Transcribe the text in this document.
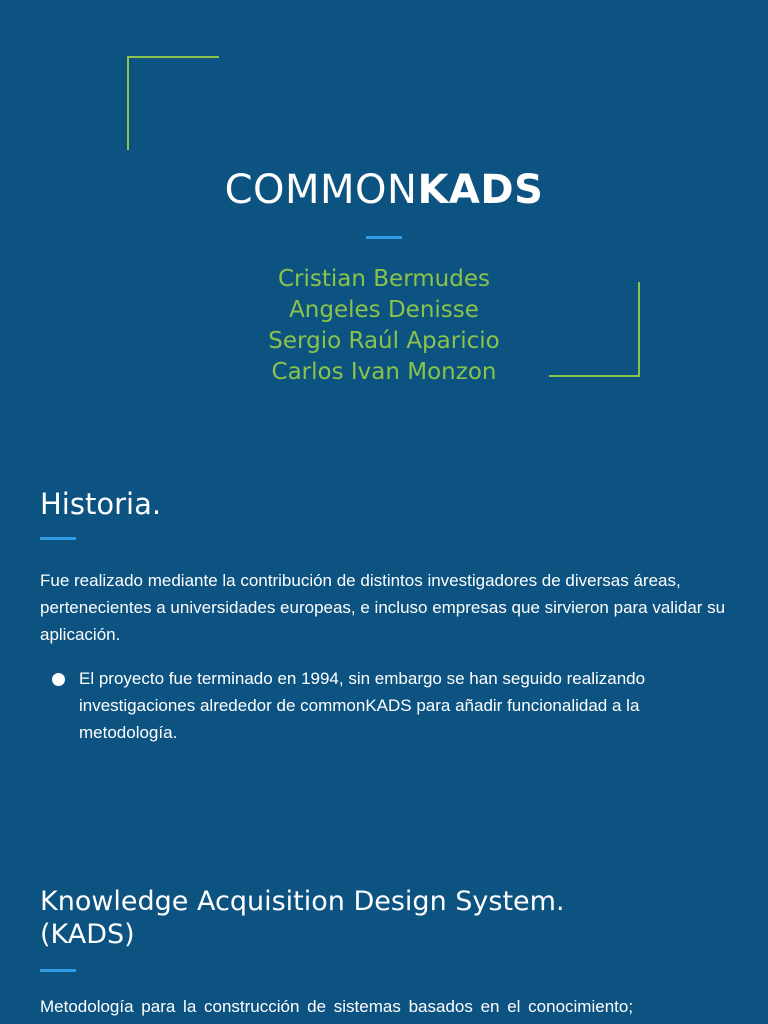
COMMONKADS
Cristian Bermudes
Angeles Denisse
Sergio Raúl Aparicio
Carlos Ivan Monzon
Historia.

Fue realizado mediante la contribución de distintos investigadores de diversas áreas, pertenecientes a universidades europeas, e incluso empresas que sirvieron para validar su aplicación.

El proyecto fue terminado en 1994, sin embargo se han seguido realizando investigaciones alrededor de commonKADS para añadir funcionalidad a la metodología.
Knowledge Acquisition Design System.
(KADS)

Metodología para la construcción de sistemas basados en el conocimiento;
